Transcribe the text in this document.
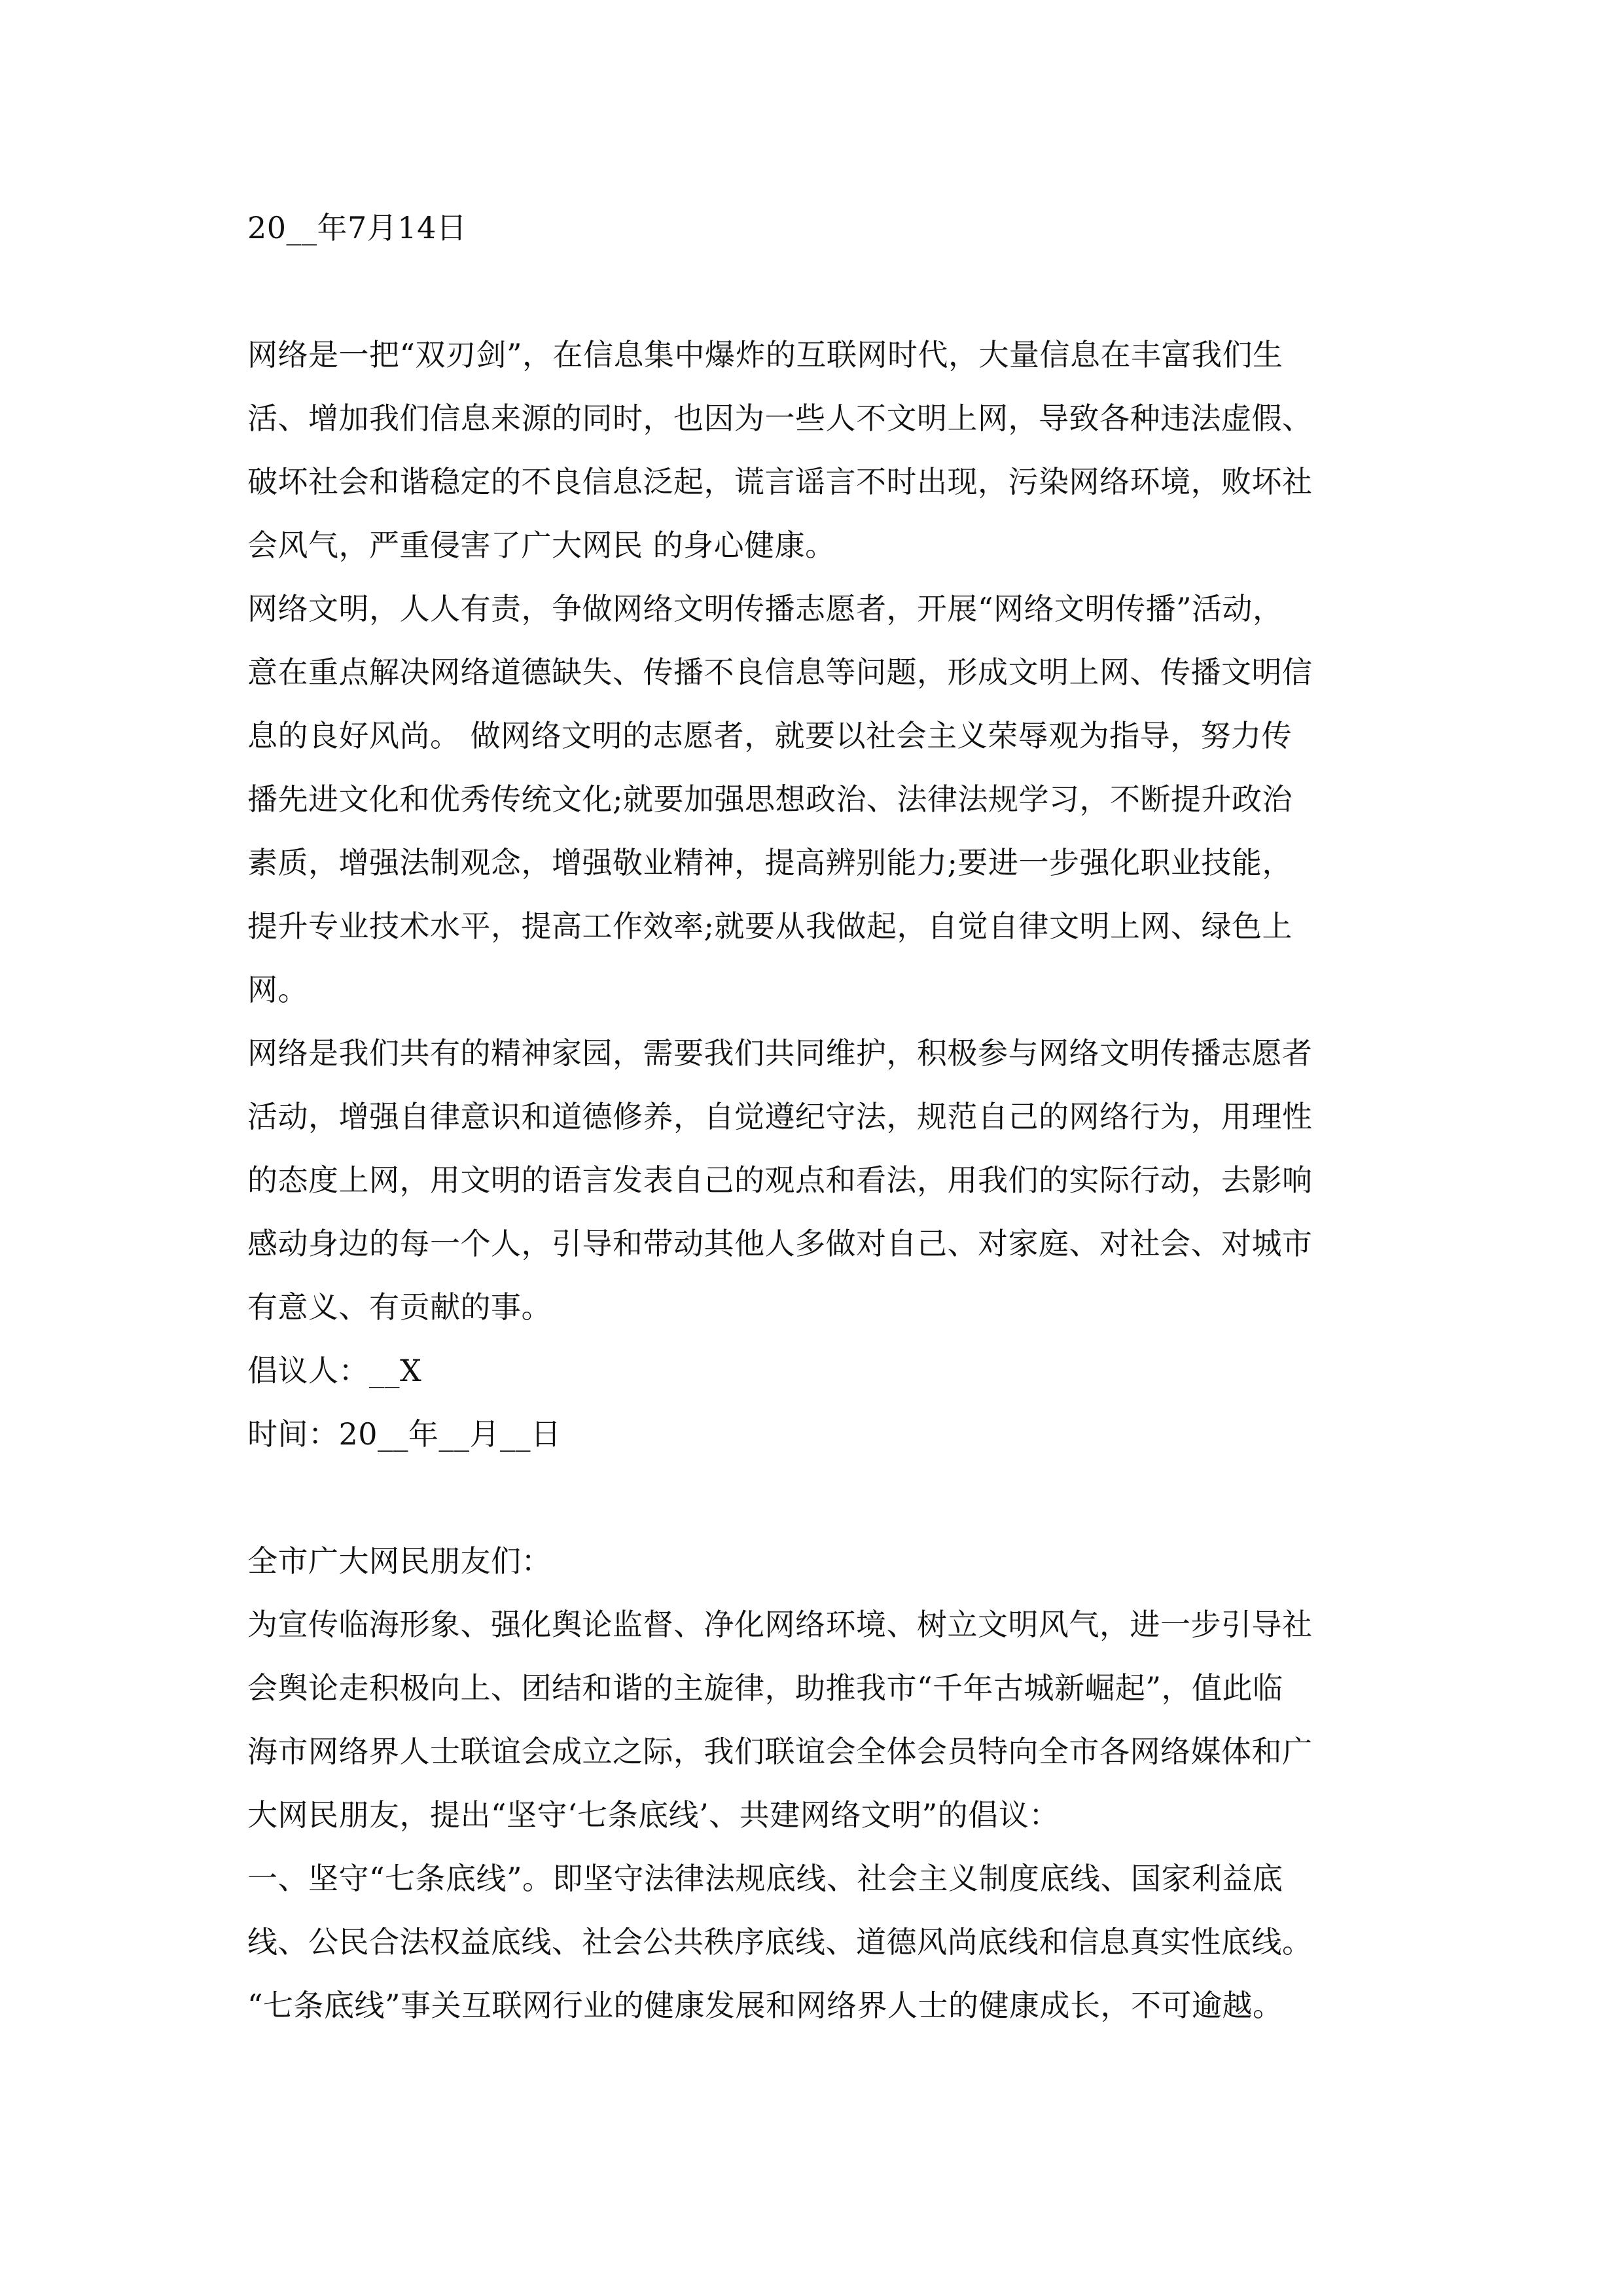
20__年7月14日
网络是一把“双刃剑”，在信息集中爆炸的互联网时代，大量信息在丰富我们生
活、增加我们信息来源的同时，也因为一些人不文明上网，导致各种违法虚假、
破坏社会和谐稳定的不良信息泛起，谎言谣言不时出现，污染网络环境，败坏社
会风气，严重侵害了广大网民 的身心健康。
网络文明，人人有责，争做网络文明传播志愿者，开展“网络文明传播”活动，
意在重点解决网络道德缺失、传播不良信息等问题，形成文明上网、传播文明信
息的良好风尚。 做网络文明的志愿者，就要以社会主义荣辱观为指导，努力传
播先进文化和优秀传统文化;就要加强思想政治、法律法规学习，不断提升政治
素质，增强法制观念，增强敬业精神，提高辨别能力;要进一步强化职业技能，
提升专业技术水平，提高工作效率;就要从我做起，自觉自律文明上网、绿色上
网。
网络是我们共有的精神家园，需要我们共同维护，积极参与网络文明传播志愿者
活动，增强自律意识和道德修养，自觉遵纪守法，规范自己的网络行为，用理性
的态度上网，用文明的语言发表自己的观点和看法，用我们的实际行动，去影响
感动身边的每一个人，引导和带动其他人多做对自己、对家庭、对社会、对城市
有意义、有贡献的事。
倡议人：__X
时间：20__年__月__日
全市广大网民朋友们：
为宣传临海形象、强化舆论监督、净化网络环境、树立文明风气，进一步引导社
会舆论走积极向上、团结和谐的主旋律，助推我市“千年古城新崛起”，值此临
海市网络界人士联谊会成立之际，我们联谊会全体会员特向全市各网络媒体和广
大网民朋友，提出“坚守‘七条底线’、共建网络文明”的倡议：
一、坚守“七条底线”。即坚守法律法规底线、社会主义制度底线、国家利益底
线、公民合法权益底线、社会公共秩序底线、道德风尚底线和信息真实性底线。
“七条底线”事关互联网行业的健康发展和网络界人士的健康成长，不可逾越。
